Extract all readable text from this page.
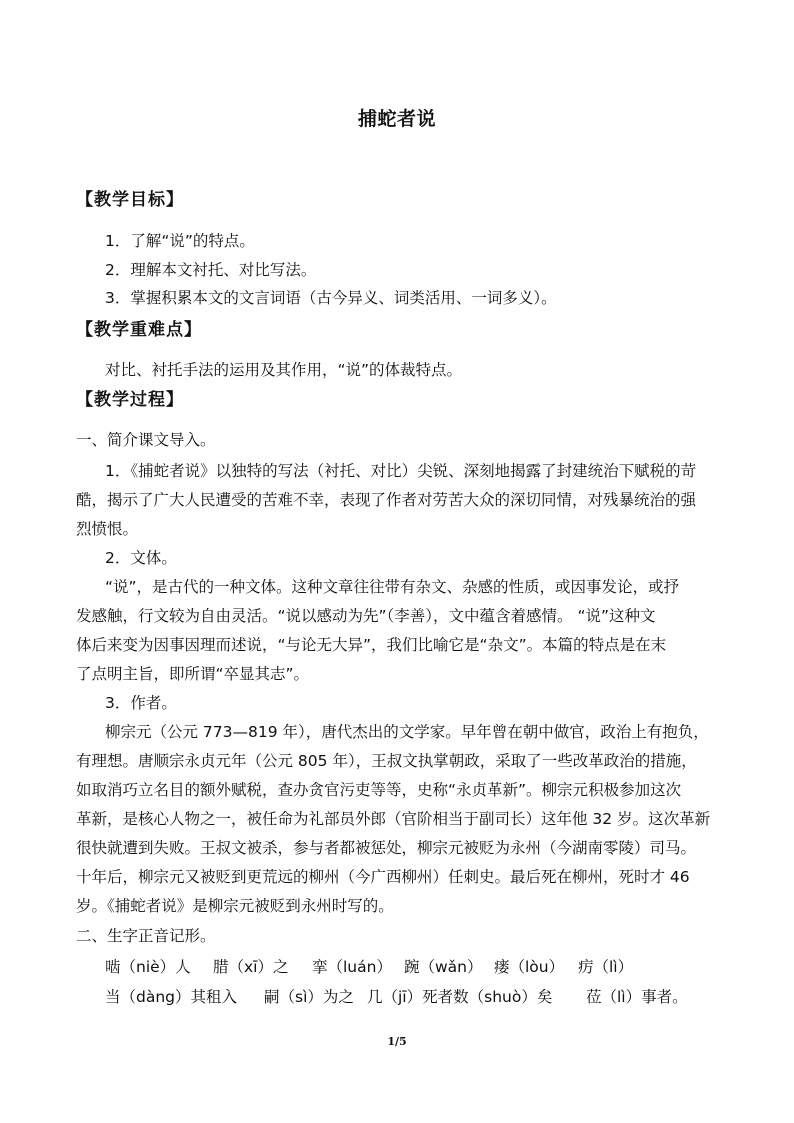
捕蛇者说
【教学目标】
1．了解“说”的特点。
2．理解本文衬托、对比写法。
3．掌握积累本文的文言词语（古今异义、词类活用、一词多义）。
【教学重难点】
对比、衬托手法的运用及其作用，“说”的体裁特点。
【教学过程】
一、简介课文导入。
1．《捕蛇者说》以独特的写法（衬托、对比）尖锐、深刻地揭露了封建统治下赋税的苛
酷，揭示了广大人民遭受的苦难不幸，表现了作者对劳苦大众的深切同情，对残暴统治的强
烈愤恨。
2．文体。
“说”，是古代的一种文体。这种文章往往带有杂文、杂感的性质，或因事发论，或抒
发感触，行文较为自由灵活。“说以感动为先”（李善），文中蕴含着感情。 “说”这种文
体后来变为因事因理而述说，“与论无大异”，我们比喻它是“杂文”。本篇的特点是在末
了点明主旨，即所谓“卒显其志”。
3．作者。
柳宗元（公元 773—819 年），唐代杰出的文学家。早年曾在朝中做官，政治上有抱负，
有理想。唐顺宗永贞元年（公元 805 年），王叔文执掌朝政，采取了一些改革政治的措施，
如取消巧立名目的额外赋税，查办贪官污吏等等，史称“永贞革新”。柳宗元积极参加这次
革新，是核心人物之一，被任命为礼部员外郎（官阶相当于副司长）这年他 32 岁。这次革新
很快就遭到失败。王叔文被杀，参与者都被惩处，柳宗元被贬为永州（今湖南零陵）司马。
十年后，柳宗元又被贬到更荒远的柳州（今广西柳州）任刺史。最后死在柳州，死时才 46
岁。《捕蛇者说》是柳宗元被贬到永州时写的。
二、生字正音记形。
啮（niè）人 腊（xī）之 挛（luán） 踠（wǎn） 瘘（lòu） 疠（lì）
当（dàng）其租入 嗣（sì）为之 几（jī）死者数（shuò）矣 莅（lì）事者。
1/5
